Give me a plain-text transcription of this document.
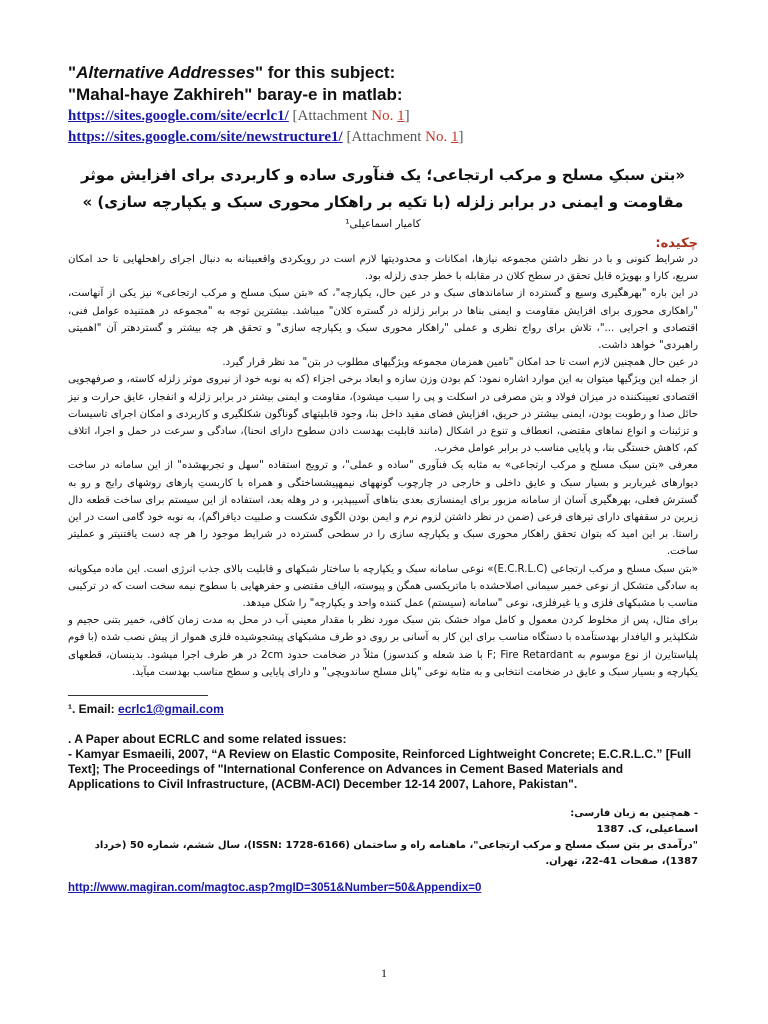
"Alternative Addresses" for this subject:

"Mahal-haye Zakhireh" baray-e in matlab:

https://sites.google.com/site/ecrlc1/ [Attachment No. 1]
https://sites.google.com/site/newstructure1/ [Attachment No. 1]
«بتن سبکِ مسلح و مرکب ارتجاعی؛ یک فنآوری ساده و کاربردی برای افزایش موثر
مقاومت و ایمنی در برابر زلزله (با تکیه بر راهکار محوری سبک و یکپارچه سازی) »
کامیار اسماعیلی¹
چکیده:

در شرایط کنونی و با در نظر داشتن مجموعه نیازها، امکانات و محدودیتها لازم است در رویکردی واقعبینانه به دنبال اجرای راهحلهایی تا حد امکان سریع، کارا و بهویژه قابل تحقق در سطح کلان در مقابله با خطر جدی زلزله بود.

در این باره "بهرهگیری وسیع و گسترده از ساماندهای سبک و در عین حال، یکپارچه"، که «بتن سبک مسلح و مرکب ارتجاعی» نیز یکی از آنهاست، "راهکاری محوری برای افزایش مقاومت و ایمنی بناها در برابر زلزله در گستره کلان" میباشد. بیشترین توجه به "مجموعه در همتنیده عوامل فنی، اقتصادی و اجرایی ..."، تلاش برای رواج نظری و عملی "راهکار محوری سبک و یکپارچه سازی" و تحقق هر چه بیشتر و گستردهتر آن "اهمیتی راهبردی" خواهد داشت.

در عین حال همچنین لازم است تا حد امکان "تامین همزمان مجموعه ویژگیهای مطلوب در بتن" مد نظر قرار گیرد.

از جمله این ویژگیها میتوان به این موارد اشاره نمود: کم بودن وزن سازه و ابعاد برخی اجزاء (که به نوبه خود از نیروی موثر زلزله کاسته، و صرفهجویی اقتصادی تعیینکننده در میزان فولاد و بتن مصرفی در اسکلت و پی را سبب میشود)، مقاومت و ایمنی بیشتر در برابر زلزله و انفجار، عایق حرارت و نیز حائل صدا و رطوبت بودن، ایمنی بیشتر در حریق، افزایش فضای مفید داخل بنا، وجود قابلیتهای گوناگون شکلگیری و کاربردی و امکان اجرای تاسیسات و تزئینات و انواع نماهای مقتضی، انعطاف و تنوع در اشکال (مانند قابلیت بهدست دادن سطوح دارای انحنا)، سادگی و سرعت در حمل و اجرا، اتلاف کم، کاهش خستگی بنا، و پایایی مناسب در برابر عوامل مخرب.

معرفی «بتن سبک مسلح و مرکب ارتجاعی» به مثابه یک فنآوری "ساده و عملی"، و ترویج استفاده "سهل و تجربهشده" از این سامانه در ساخت دیوارهای غیرباربر و بسیار سبک و عایق داخلی و خارجی در چارچوب گونههای نیمهپیشساختگی و همراه با کاربستِ پارهای روشهای رایج و رو به گسترش فعلی، بهرهگیری آسان از سامانه مزبور برای ایمنسازی بعدی بناهای آسیبپذیر، و در وهله بعد، استفاده از این سیستم برای ساخت قطعه دال زیرین در سقفهای دارای تیرهای فرعی (ضمن در نظر داشتن لزوم نرم و ایمن بودن الگوی شکست و صلبیت دیافراگم)، به نوبه خود گامی است در این راستا. بر این امید که بتوان تحقق راهکار محوری سبک و یکپارچه سازی را در سطحی گسترده در شرایط موجود را هر چه دست یافتنیتر و عملیتر ساخت.

«بتن سبک مسلح و مرکب ارتجاعی (E.C.R.L.C)» نوعی سامانه سبک و یکپارچه با ساختار شبکهای و قابلیت بالای جذب انرژی است. این ماده میکوپانه به سادگی متشکل از نوعی خمیر سیمانی اصلاحشده با ماتریکسی همگن و پیوسته، الیاف مقتضی و حفرههایی با سطوح نیمه سخت است که در ترکیبی مناسب با مشبکهای فلزی و یا غیرفلزی، نوعی "سامانه (سیستم) عمل کننده واحد و یکپارچه" را شکل میدهد.

برای مثال، پس از مخلوط کردن معمول و کامل مواد خشک بتن سبک مورد نظر با مقدار معینی آب در محل به مدت زمان کافی، خمیر بتنی حجیم و شکلپذیر و الیافدار بهدستآمده با دستگاه مناسب برای این کار به آسانی بر روی دو طرف مشبکهای پیشجوشیده فلزی هموار از پیش نصب شده (با فوم پلیاستایرن از نوع موسوم به F; Fire Retardant با ضد شعله و کندسوز) مثلاً در ضخامت حدود 2cm در هر طرف اجرا میشود. بدینسان، قطعهای یکپارچه و بسیار سبک و عایق در ضخامت انتخابی و به مثابه نوعی "پانل مسلح ساندویچی" و دارای پایایی و سطح مناسب بهدست میآید.

¹. Email: ecrlc1@gmail.com

. A Paper about ECRLC and some related issues:

- Kamyar Esmaeili, 2007, “A Review on Elastic Composite, Reinforced Lightweight Concrete; E.C.R.L.C.” [Full Text]; The Proceedings of "International Conference on Advances in Cement Based Materials and Applications to Civil Infrastructure, (ACBM-ACI) December 12-14 2007, Lahore, Pakistan".

- همچنین به زبان فارسی:

اسماعیلی، ک. 1387

"درآمدی بر بتن سبک مسلح و مرکب ارتجاعی"، ماهنامه راه و ساختمان (ISSN: 1728-6166)، سال ششم، شماره 50 (خرداد 1387)، صفحات 41-22، تهران.

http://www.magiran.com/magtoc.asp?mgID=3051&Number=50&Appendix=0
1
